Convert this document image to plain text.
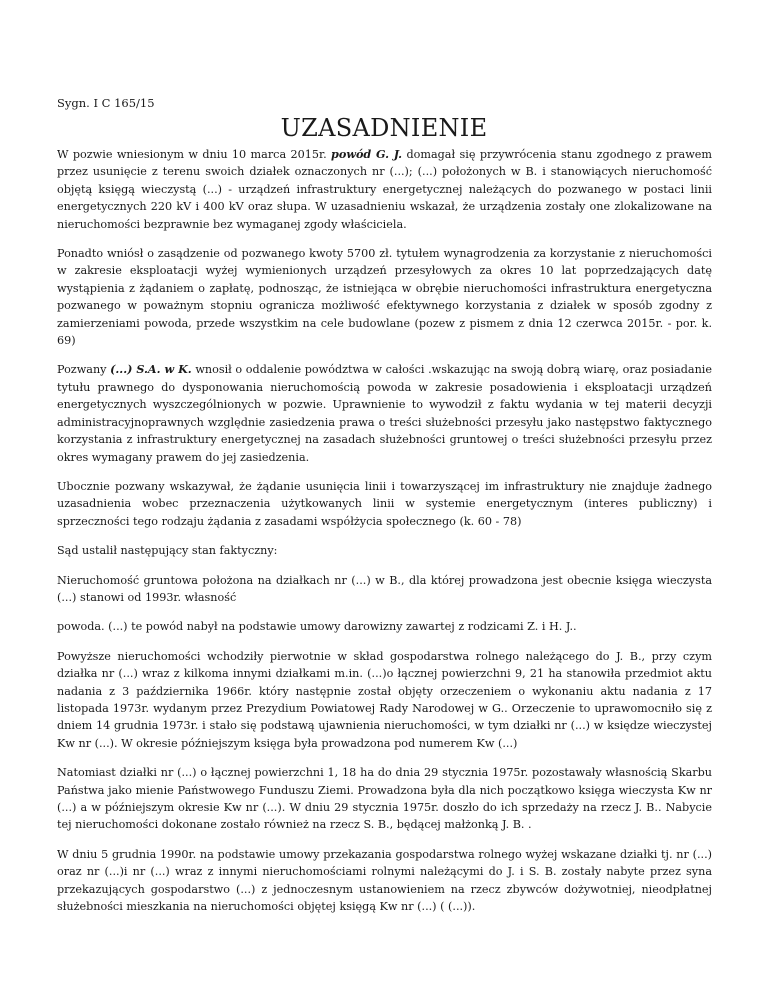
Sygn. I C 165/15
UZASADNIENIE

W pozwie wniesionym w dniu 10 marca 2015r. powód G. J. domagał się przywrócenia stanu zgodnego z prawem przez usunięcie z terenu swoich działek oznaczonych nr (...); (...) położonych w B. i stanowiących nieruchomość objętą księgą wieczystą (...) - urządzeń infrastruktury energetycznej należących do pozwanego w postaci linii energetycznych 220 kV i 400 kV oraz słupa. W uzasadnieniu wskazał, że urządzenia zostały one zlokalizowane na nieruchomości bezprawnie bez wymaganej zgody właściciela.

Ponadto wniósł o zasądzenie od pozwanego kwoty 5700 zł. tytułem wynagrodzenia za korzystanie z nieruchomości w zakresie eksploatacji wyżej wymienionych urządzeń przesyłowych za okres 10 lat poprzedzających datę wystąpienia z żądaniem o zapłatę, podnosząc, że istniejąca w obrębie nieruchomości infrastruktura energetyczna pozwanego w poważnym stopniu ogranicza możliwość efektywnego korzystania z działek w sposób zgodny z zamierzeniami powoda, przede wszystkim na cele budowlane (pozew z pismem z dnia 12 czerwca 2015r. - por. k. 69)

Pozwany (...) S.A. w K. wnosił o oddalenie powództwa w całości .wskazując na swoją dobrą wiarę, oraz posiadanie tytułu prawnego do dysponowania nieruchomością powoda w zakresie posadowienia i eksploatacji urządzeń energetycznych wyszczególnionych w pozwie. Uprawnienie to wywodził z faktu wydania w tej materii decyzji administracyjnoprawnych względnie zasiedzenia prawa o treści służebności przesyłu jako następstwo faktycznego korzystania z infrastruktury energetycznej na zasadach służebności gruntowej o treści służebności przesyłu przez okres wymagany prawem do jej zasiedzenia.

Ubocznie pozwany wskazywał, że żądanie usunięcia linii i towarzyszącej im infrastruktury nie znajduje żadnego uzasadnienia wobec przeznaczenia użytkowanych linii w systemie energetycznym (interes publiczny) i sprzeczności tego rodzaju żądania z zasadami współżycia społecznego (k. 60 - 78)

Sąd ustalił następujący stan faktyczny:

Nieruchomość gruntowa położona na działkach nr (...) w B., dla której prowadzona jest obecnie księga wieczysta (...) stanowi od 1993r. własność

powoda. (...) te powód nabył na podstawie umowy darowizny zawartej z rodzicami Z. i H. J..

Powyższe nieruchomości wchodziły pierwotnie w skład gospodarstwa rolnego należącego do J. B., przy czym działka nr (...) wraz z kilkoma innymi działkami m.in. (...)o łącznej powierzchni 9, 21 ha stanowiła przedmiot aktu nadania z 3 października 1966r. który następnie został objęty orzeczeniem o wykonaniu aktu nadania z 17 listopada 1973r. wydanym przez Prezydium Powiatowej Rady Narodowej w G.. Orzeczenie to uprawomocniło się z dniem 14 grudnia 1973r. i stało się podstawą ujawnienia nieruchomości, w tym działki nr (...) w księdze wieczystej Kw nr (...). W okresie późniejszym księga była prowadzona pod numerem Kw (...)

Natomiast działki nr (...) o łącznej powierzchni 1, 18 ha do dnia 29 stycznia 1975r. pozostawały własnością Skarbu Państwa jako mienie Państwowego Funduszu Ziemi. Prowadzona była dla nich początkowo księga wieczysta Kw nr (...) a w późniejszym okresie Kw nr (...). W dniu 29 stycznia 1975r. doszło do ich sprzedaży na rzecz J. B.. Nabycie tej nieruchomości dokonane zostało również na rzecz S. B., będącej małżonką J. B. .

W dniu 5 grudnia 1990r. na podstawie umowy przekazania gospodarstwa rolnego wyżej wskazane działki tj. nr (...) oraz nr (...)i nr (...) wraz z innymi nieruchomościami rolnymi należącymi do J. i S. B. zostały nabyte przez syna przekazujących gospodarstwo (...) z jednoczesnym ustanowieniem na rzecz zbywców dożywotniej, nieodpłatnej służebności mieszkania na nieruchomości objętej księgą Kw nr (...) ( (...)).
